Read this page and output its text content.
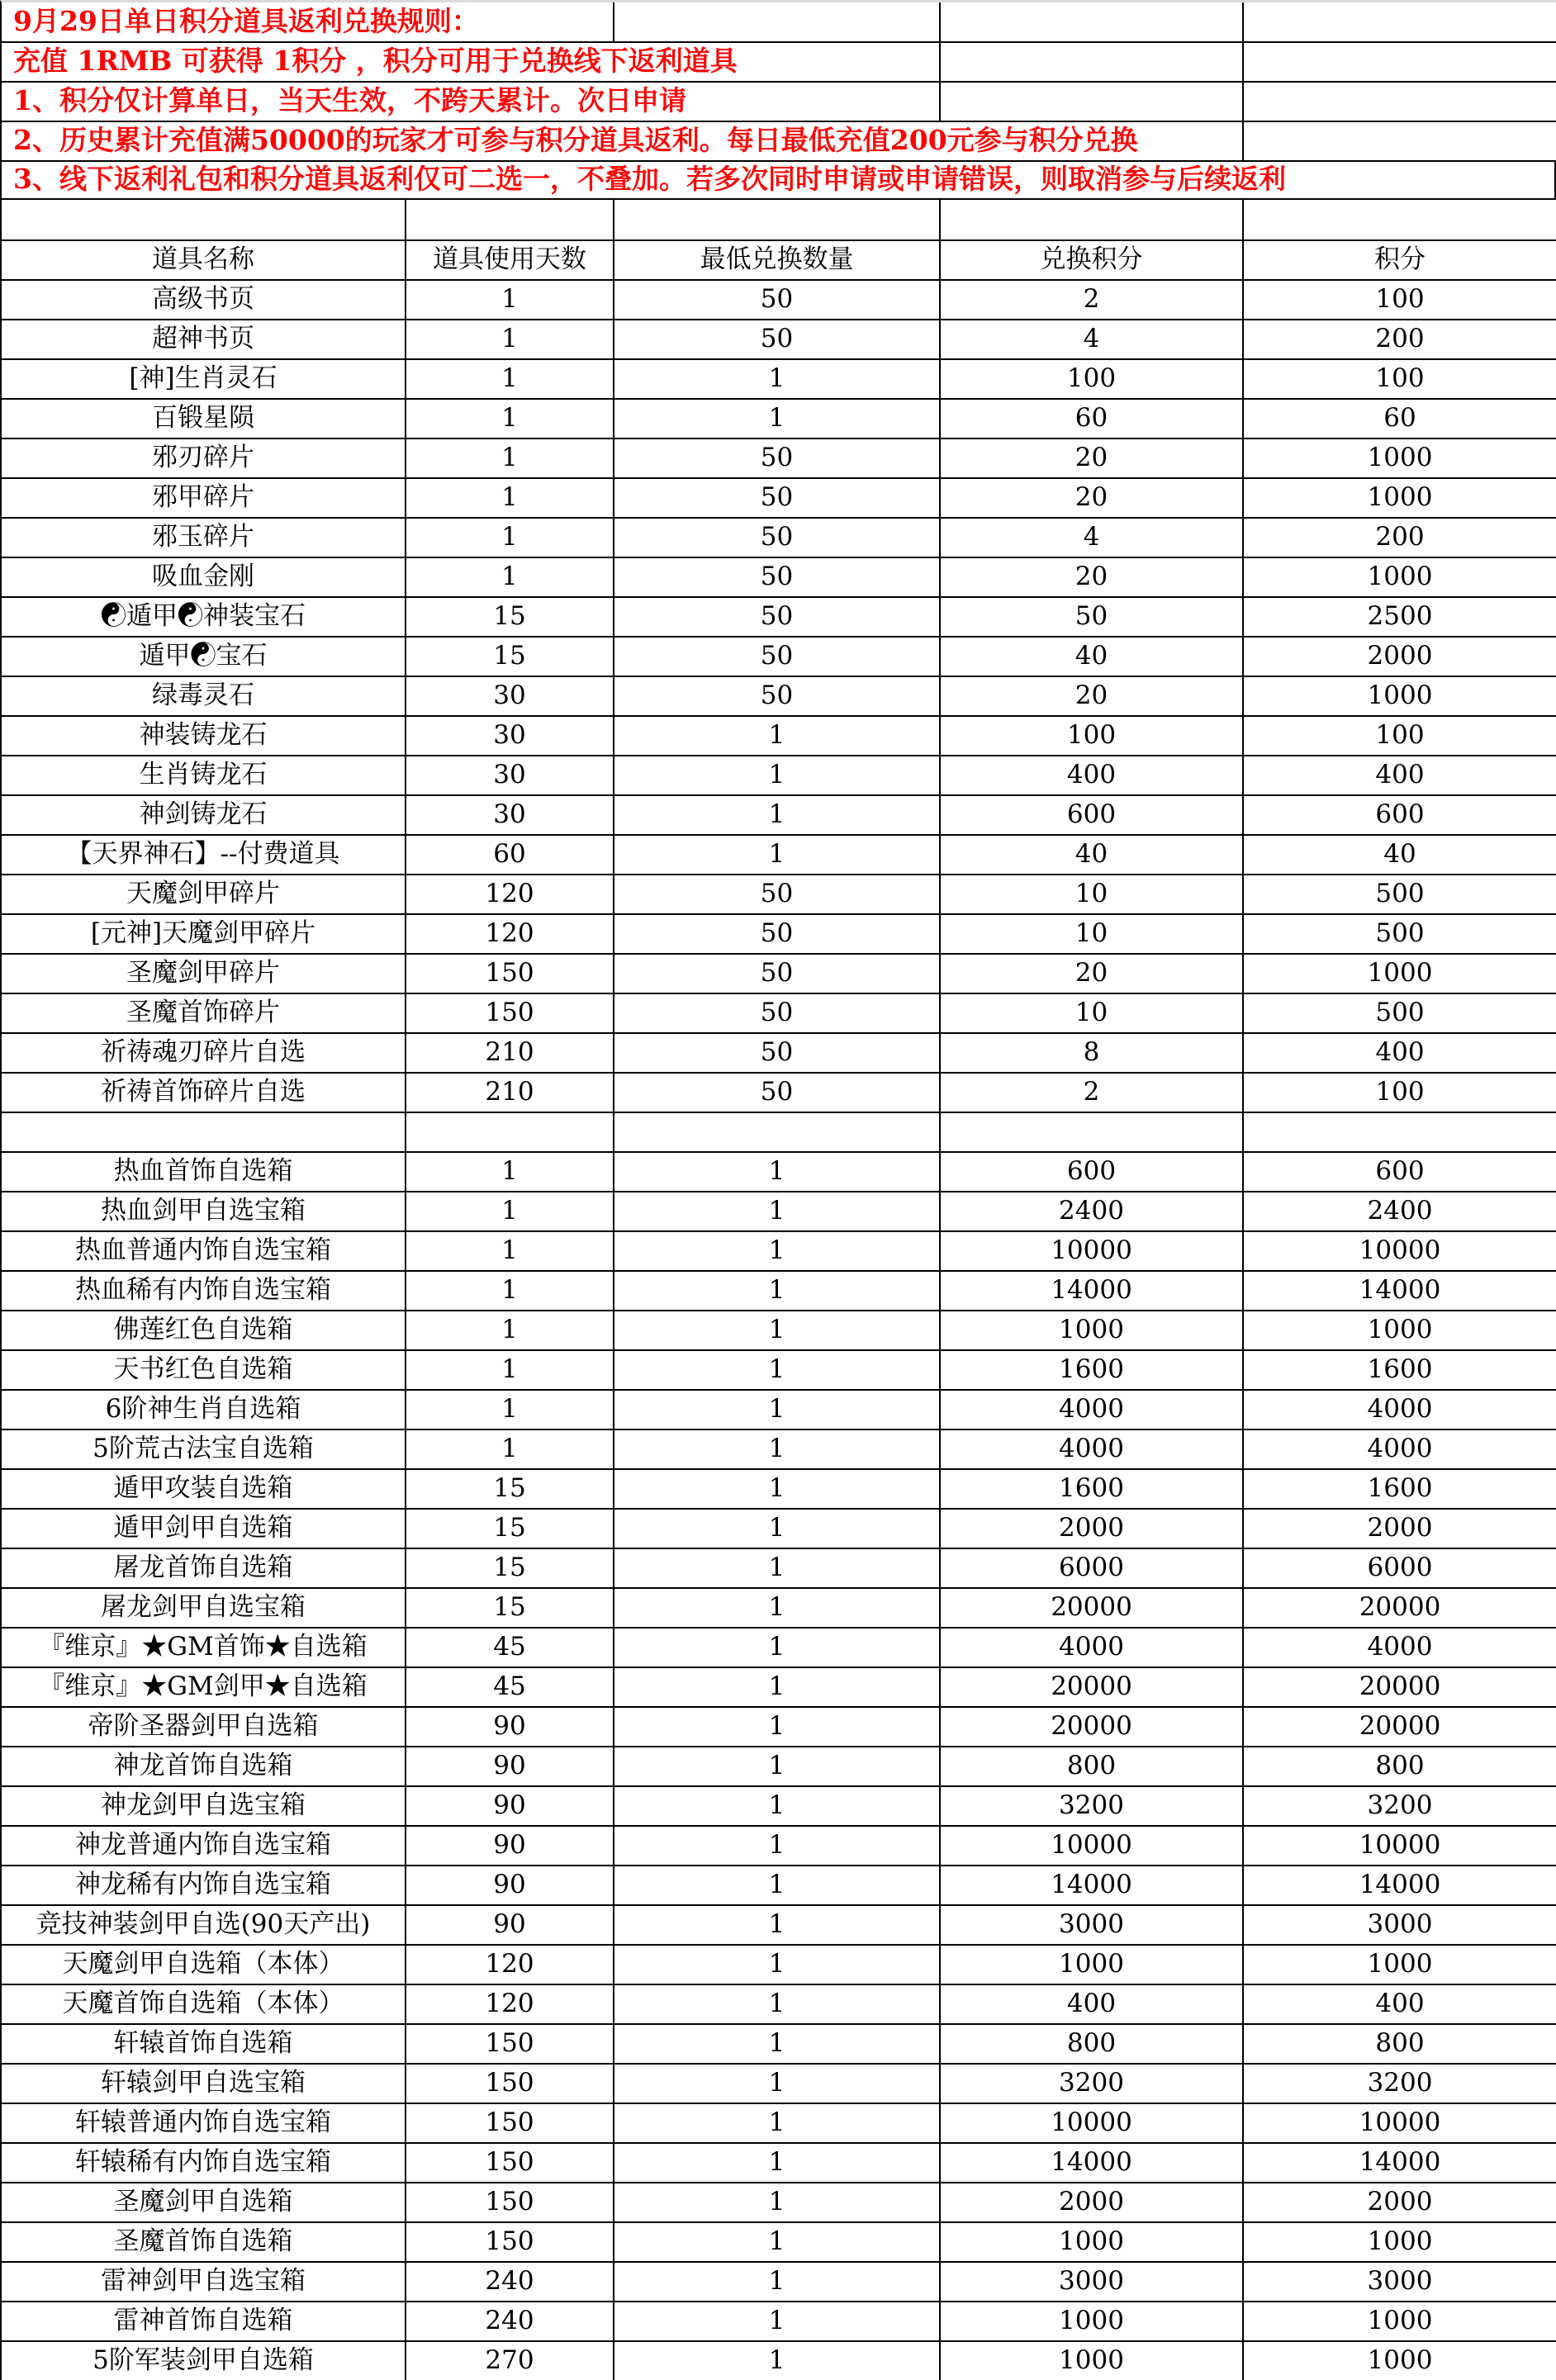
9月29日单日积分道具返利兑换规则：
充值 1RMB 可获得 1积分 ，积分可用于兑换线下返利道具
1、积分仅计算单日，当天生效，不跨天累计。次日申请
2、历史累计充值满50000的玩家才可参与积分道具返利。每日最低充值200元参与积分兑换
3、线下返利礼包和积分道具返利仅可二选一，不叠加。若多次同时申请或申请错误，则取消参与后续返利
道具名称	道具使用天数	最低兑换数量	兑换积分	积分
高级书页	1	50	2	100
超神书页	1	50	4	200
[神]生肖灵石	1	1	100	100
百锻星陨	1	1	60	60
邪刃碎片	1	50	20	1000
邪甲碎片	1	50	20	1000
邪玉碎片	1	50	4	200
吸血金刚	1	50	20	1000
☯遁甲☯神装宝石	15	50	50	2500
遁甲☯宝石	15	50	40	2000
绿毒灵石	30	50	20	1000
神装铸龙石	30	1	100	100
生肖铸龙石	30	1	400	400
神剑铸龙石	30	1	600	600
【天界神石】--付费道具	60	1	40	40
天魔剑甲碎片	120	50	10	500
[元神]天魔剑甲碎片	120	50	10	500
圣魔剑甲碎片	150	50	20	1000
圣魔首饰碎片	150	50	10	500
祈祷魂刃碎片自选	210	50	8	400
祈祷首饰碎片自选	210	50	2	100
热血首饰自选箱	1	1	600	600
热血剑甲自选宝箱	1	1	2400	2400
热血普通内饰自选宝箱	1	1	10000	10000
热血稀有内饰自选宝箱	1	1	14000	14000
佛莲红色自选箱	1	1	1000	1000
天书红色自选箱	1	1	1600	1600
6阶神生肖自选箱	1	1	4000	4000
5阶荒古法宝自选箱	1	1	4000	4000
遁甲攻装自选箱	15	1	1600	1600
遁甲剑甲自选箱	15	1	2000	2000
屠龙首饰自选箱	15	1	6000	6000
屠龙剑甲自选宝箱	15	1	20000	20000
『维京』★GM首饰★自选箱	45	1	4000	4000
『维京』★GM剑甲★自选箱	45	1	20000	20000
帝阶圣器剑甲自选箱	90	1	20000	20000
神龙首饰自选箱	90	1	800	800
神龙剑甲自选宝箱	90	1	3200	3200
神龙普通内饰自选宝箱	90	1	10000	10000
神龙稀有内饰自选宝箱	90	1	14000	14000
竞技神装剑甲自选(90天产出)	90	1	3000	3000
天魔剑甲自选箱（本体）	120	1	1000	1000
天魔首饰自选箱（本体）	120	1	400	400
轩辕首饰自选箱	150	1	800	800
轩辕剑甲自选宝箱	150	1	3200	3200
轩辕普通内饰自选宝箱	150	1	10000	10000
轩辕稀有内饰自选宝箱	150	1	14000	14000
圣魔剑甲自选箱	150	1	2000	2000
圣魔首饰自选箱	150	1	1000	1000
雷神剑甲自选宝箱	240	1	3000	3000
雷神首饰自选箱	240	1	1000	1000
5阶军装剑甲自选箱	270	1	1000	1000
